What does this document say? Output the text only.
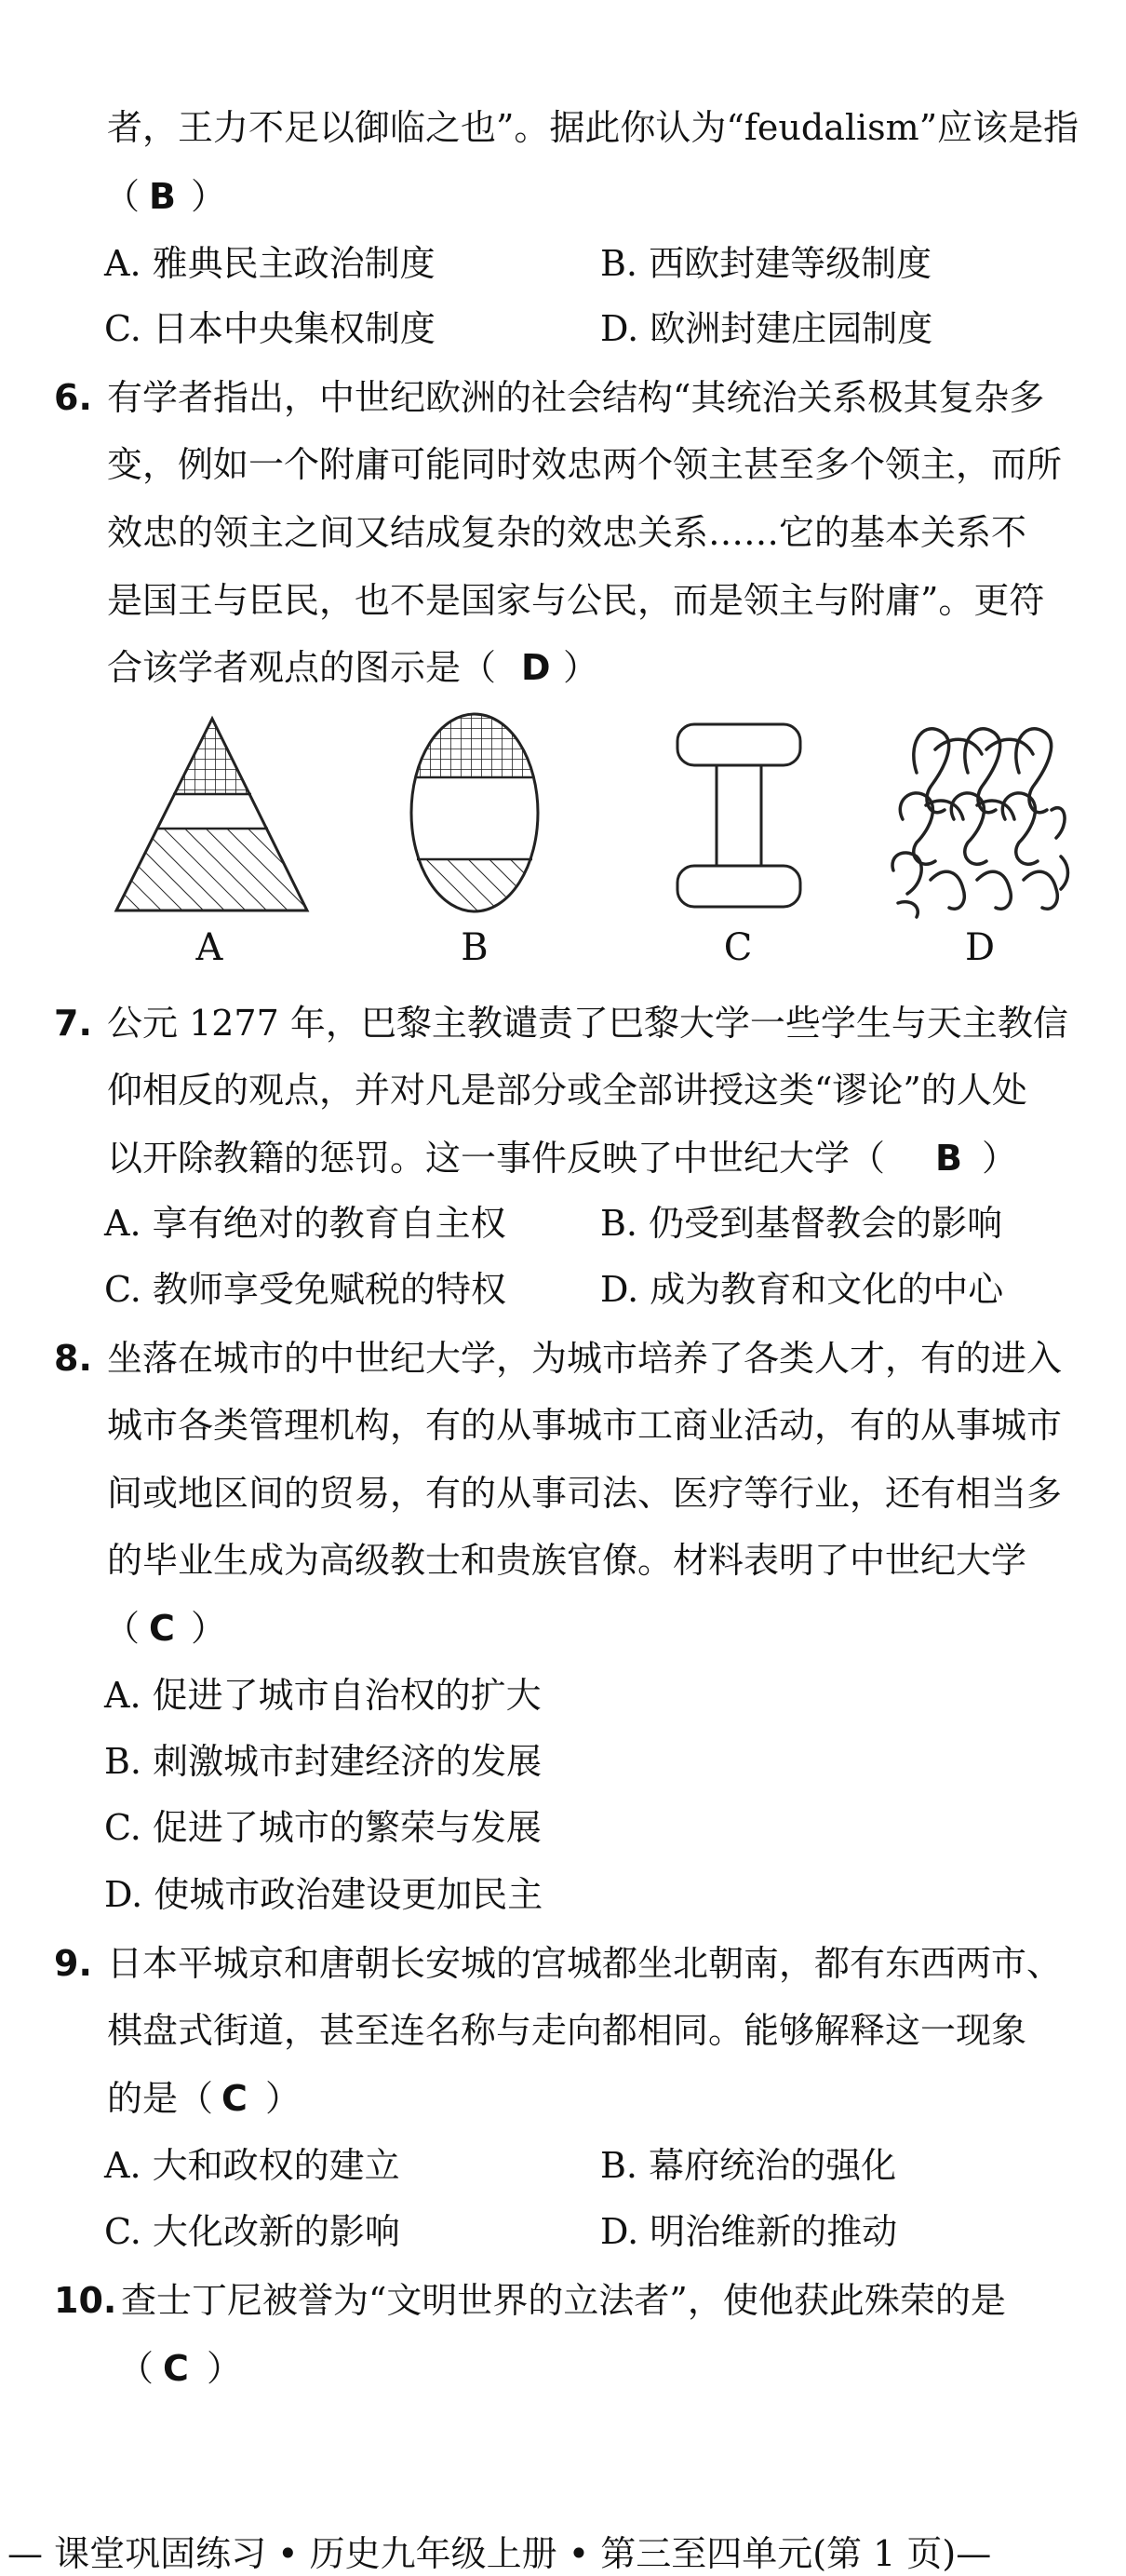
者，王力不足以御临之也”。据此你认为“feudalism”应该是指
（ B ）
A. 雅典民主政治制度	B. 西欧封建等级制度
C. 日本中央集权制度	D. 欧洲封建庄园制度
6. 有学者指出，中世纪欧洲的社会结构“其统治关系极其复杂多
变，例如一个附庸可能同时效忠两个领主甚至多个领主，而所
效忠的领主之间又结成复杂的效忠关系……它的基本关系不
是国王与臣民，也不是国家与公民，而是领主与附庸”。更符
合该学者观点的图示是（ D ）
A	B	C	D
7. 公元 1277 年，巴黎主教谴责了巴黎大学一些学生与天主教信
仰相反的观点，并对凡是部分或全部讲授这类“谬论”的人处
以开除教籍的惩罚。这一事件反映了中世纪大学（ B ）
A. 享有绝对的教育自主权	B. 仍受到基督教会的影响
C. 教师享受免赋税的特权	D. 成为教育和文化的中心
8. 坐落在城市的中世纪大学，为城市培养了各类人才，有的进入
城市各类管理机构，有的从事城市工商业活动，有的从事城市
间或地区间的贸易，有的从事司法、医疗等行业，还有相当多
的毕业生成为高级教士和贵族官僚。材料表明了中世纪大学
（ C ）
A. 促进了城市自治权的扩大
B. 刺激城市封建经济的发展
C. 促进了城市的繁荣与发展
D. 使城市政治建设更加民主
9. 日本平城京和唐朝长安城的宫城都坐北朝南，都有东西两市、
棋盘式街道，甚至连名称与走向都相同。能够解释这一现象
的是（ C ）
A. 大和政权的建立	B. 幕府统治的强化
C. 大化改新的影响	D. 明治维新的推动
10. 查士丁尼被誉为“文明世界的立法者”，使他获此殊荣的是
（ C ）
— 课堂巩固练习 • 历史九年级上册 • 第三至四单元(第 1 页)—
